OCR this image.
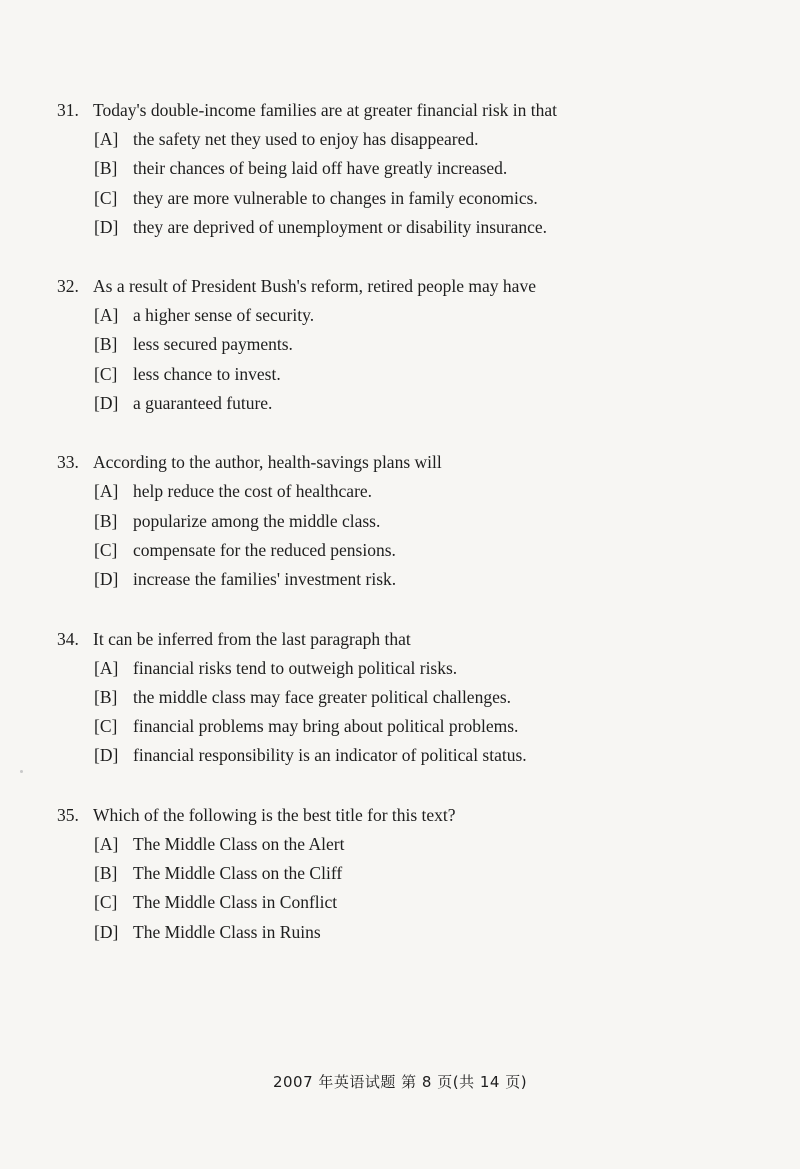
31. Today's double-income families are at greater financial risk in that
[A] the safety net they used to enjoy has disappeared.
[B] their chances of being laid off have greatly increased.
[C] they are more vulnerable to changes in family economics.
[D] they are deprived of unemployment or disability insurance.
32. As a result of President Bush's reform, retired people may have
[A] a higher sense of security.
[B] less secured payments.
[C] less chance to invest.
[D] a guaranteed future.
33. According to the author, health-savings plans will
[A] help reduce the cost of healthcare.
[B] popularize among the middle class.
[C] compensate for the reduced pensions.
[D] increase the families' investment risk.
34. It can be inferred from the last paragraph that
[A] financial risks tend to outweigh political risks.
[B] the middle class may face greater political challenges.
[C] financial problems may bring about political problems.
[D] financial responsibility is an indicator of political status.
35. Which of the following is the best title for this text?
[A] The Middle Class on the Alert
[B] The Middle Class on the Cliff
[C] The Middle Class in Conflict
[D] The Middle Class in Ruins
2007 年英语试题 第 8 页(共 14 页)
